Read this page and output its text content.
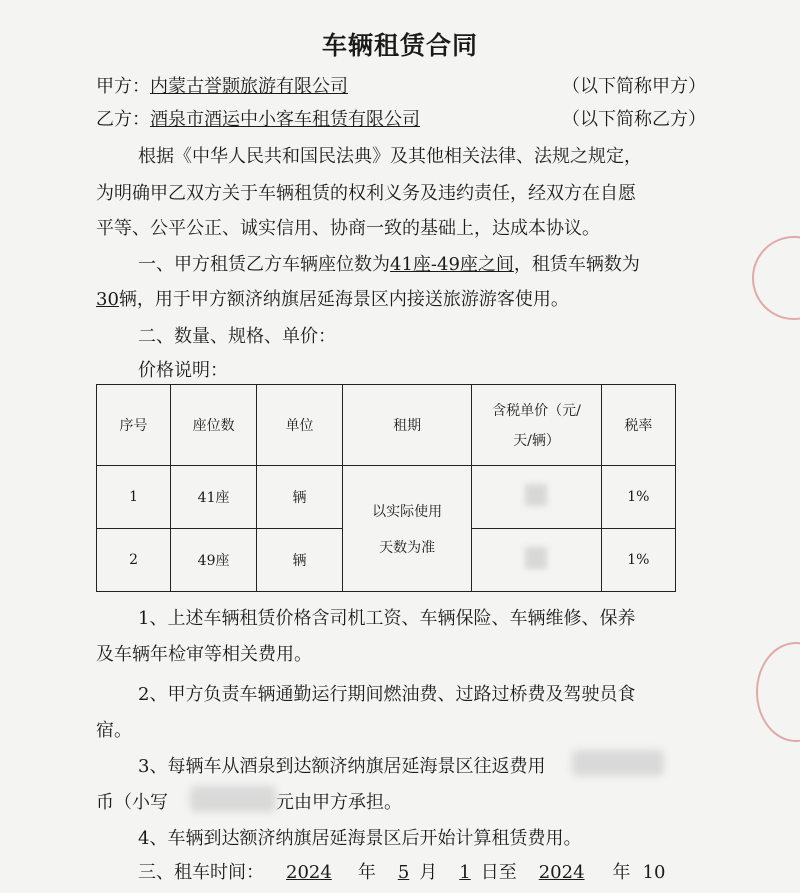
车辆租赁合同
甲方：内蒙古誉颢旅游有限公司	（以下简称甲方）
乙方：酒泉市酒运中小客车租赁有限公司	（以下简称乙方）
根据《中华人民共和国民法典》及其他相关法律、法规之规定，
为明确甲乙双方关于车辆租赁的权利义务及违约责任，经双方在自愿
平等、公平公正、诚实信用、协商一致的基础上，达成本协议。
一、甲方租赁乙方车辆座位数为41座-49座之间，租赁车辆数为
30辆，用于甲方额济纳旗居延海景区内接送旅游游客使用。
二、数量、规格、单价：
价格说明：
序号	座位数	单位	租期	含税单价（元/
天/辆）	税率
1	41座	辆	以实际使用
天数为准		1%
2	49座	辆			1%
1、上述车辆租赁价格含司机工资、车辆保险、车辆维修、保养
及车辆年检审等相关费用。
2、甲方负责车辆通勤运行期间燃油费、过路过桥费及驾驶员食
宿。
3、每辆车从酒泉到达额济纳旗居延海景区往返费用
币（小写	元由甲方承担。
4、车辆到达额济纳旗居延海景区后开始计算租赁费用。
三、租车时间： 2024 年 5 月 1 日至 2024 年 10
